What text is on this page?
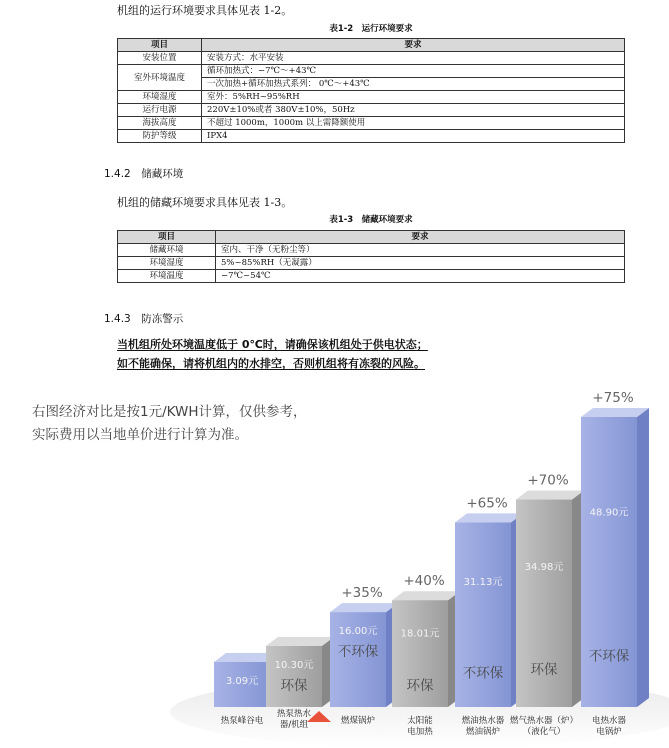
机组的运行环境要求具体见表 1-2。
表1-2　运行环境要求
项目	要求
安装位置	安装方式：水平安装
室外环境温度	循环加热式：−7℃～+43℃
	一次加热+循环加热式系列： 0℃～+43℃
环境湿度	室外：5%RH~95%RH
运行电源	220V±10%或者 380V±10%，50Hz
海拔高度	不超过 1000m，1000m 以上需降额使用
防护等级	IPX4
1.4.2　储藏环境
机组的储藏环境要求具体见表 1-3。
表1-3　储藏环境要求
项目	要求
储藏环境	室内、干净（无粉尘等）
环境湿度	5%~85%RH（无凝露）
环境温度	−7℃~54℃
1.4.3　防冻警示
当机组所处环境温度低于 0℃时，请确保该机组处于供电状态；
如不能确保，请将机组内的水排空，否则机组将有冻裂的风险。
右图经济对比是按1元/KWH计算，仅供参考，
实际费用以当地单价进行计算为准。
3.09元
热泵峰谷电
10.30元
环保
热泵热水
器/机组
+35%
16.00元
不环保
燃煤锅炉
+40%
18.01元
环保
太阳能
电加热
+65%
31.13元
不环保
燃油热水器
燃油锅炉
+70%
34.98元
环保
燃气热水器（炉）
（液化气）
+75%
48.90元
不环保
电热水器
电锅炉
